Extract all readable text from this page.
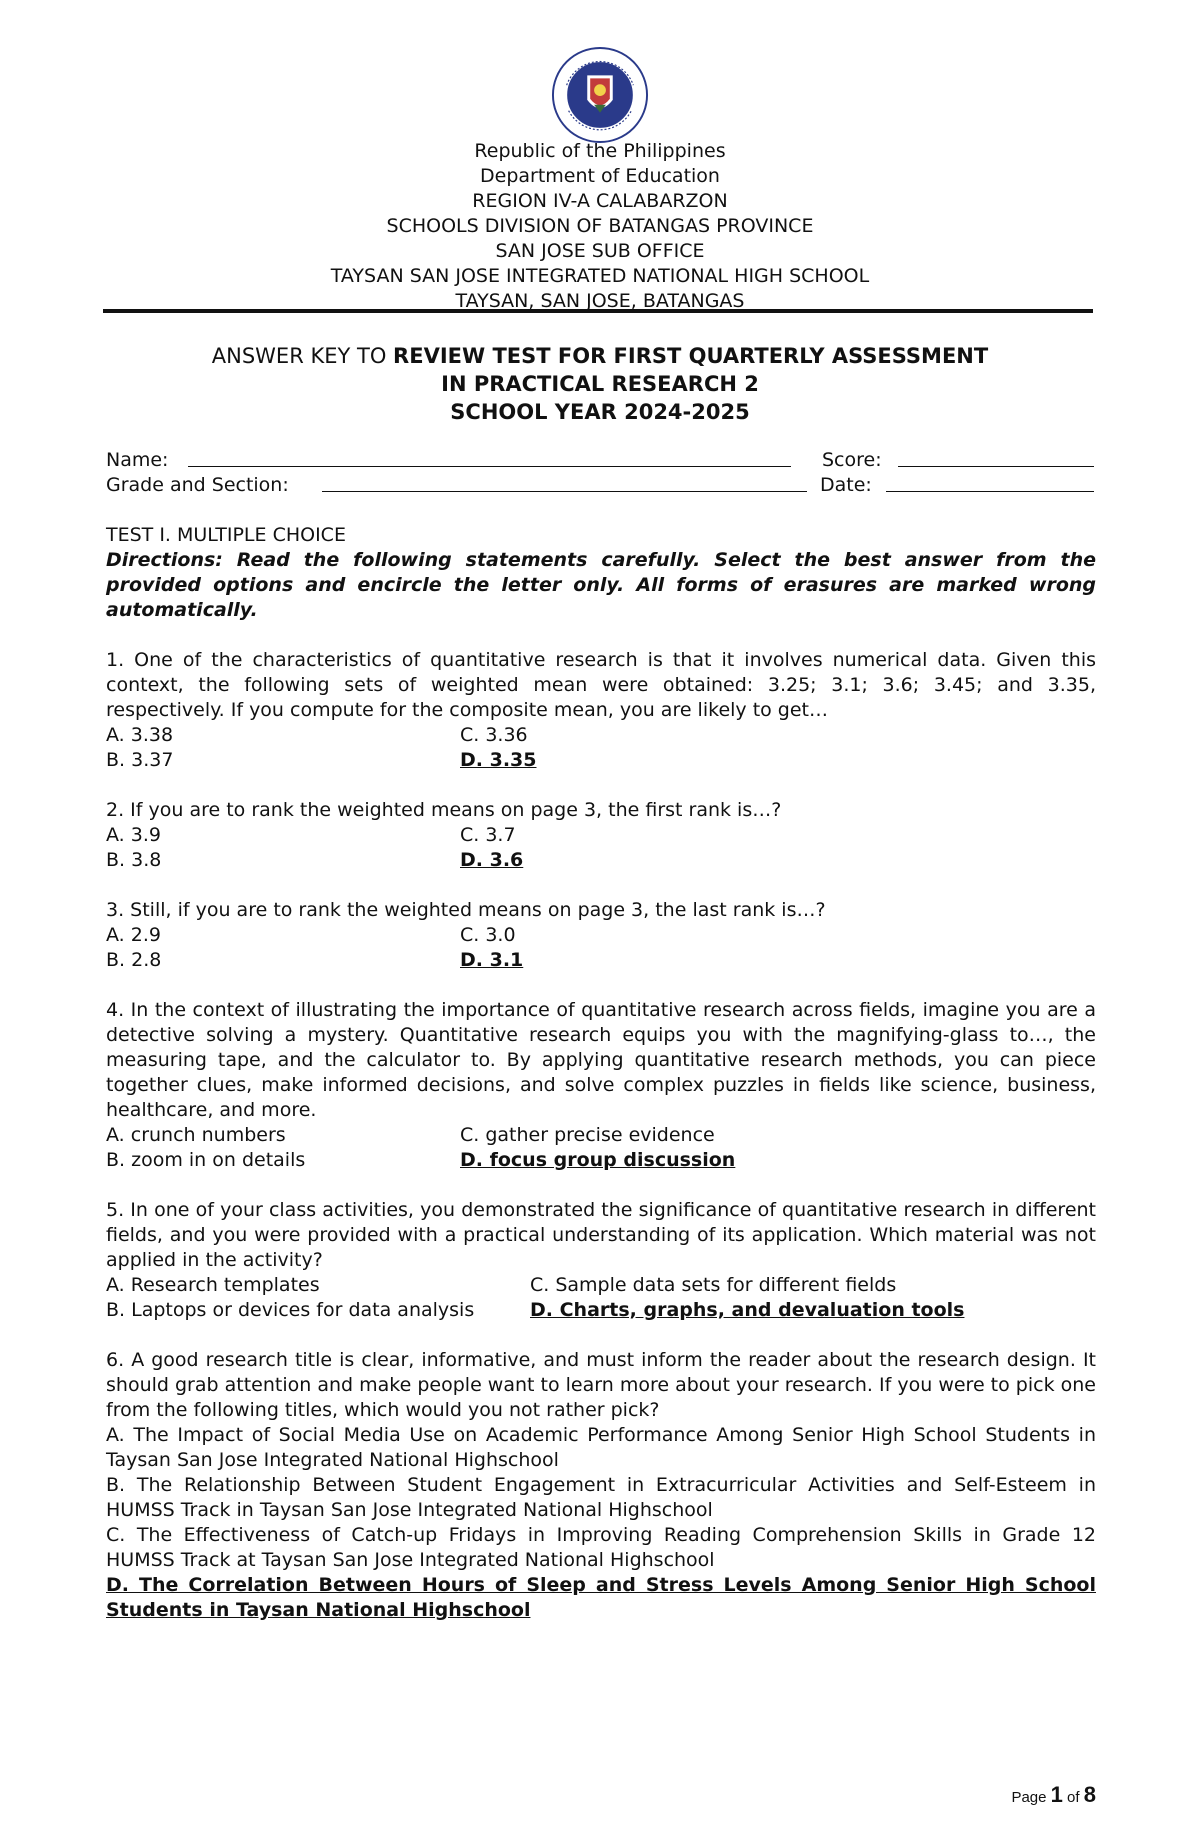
Republic of the Philippines
Department of Education
REGION IV-A CALABARZON
SCHOOLS DIVISION OF BATANGAS PROVINCE
SAN JOSE SUB OFFICE
TAYSAN SAN JOSE INTEGRATED NATIONAL HIGH SCHOOL
TAYSAN, SAN JOSE, BATANGAS
ANSWER KEY TO REVIEW TEST FOR FIRST QUARTERLY ASSESSMENT
IN PRACTICAL RESEARCH 2
SCHOOL YEAR 2024-2025
Name:	Score:
Grade and Section:	Date:
TEST I. MULTIPLE CHOICE
Directions: Read the following statements carefully. Select the best answer from the provided options and encircle the letter only. All forms of erasures are marked wrong automatically.
1. One of the characteristics of quantitative research is that it involves numerical data. Given this context, the following sets of weighted mean were obtained: 3.25; 3.1; 3.6; 3.45; and 3.35, respectively. If you compute for the composite mean, you are likely to get…
A. 3.38	C. 3.36
B. 3.37	D. 3.35
2. If you are to rank the weighted means on page 3, the first rank is…?
A. 3.9	C. 3.7
B. 3.8	D. 3.6
3. Still, if you are to rank the weighted means on page 3, the last rank is…?
A. 2.9	C. 3.0
B. 2.8	D. 3.1
4. In the context of illustrating the importance of quantitative research across fields, imagine you are a detective solving a mystery. Quantitative research equips you with the magnifying-glass to…, the measuring tape, and the calculator to. By applying quantitative research methods, you can piece together clues, make informed decisions, and solve complex puzzles in fields like science, business, healthcare, and more.
A. crunch numbers	C. gather precise evidence
B. zoom in on details	D. focus group discussion
5. In one of your class activities, you demonstrated the significance of quantitative research in different fields, and you were provided with a practical understanding of its application. Which material was not applied in the activity?
A. Research templates	C. Sample data sets for different fields
B. Laptops or devices for data analysis	D. Charts, graphs, and devaluation tools
6. A good research title is clear, informative, and must inform the reader about the research design. It should grab attention and make people want to learn more about your research. If you were to pick one from the following titles, which would you not rather pick?
A. The Impact of Social Media Use on Academic Performance Among Senior High School Students in Taysan San Jose Integrated National Highschool
B. The Relationship Between Student Engagement in Extracurricular Activities and Self-Esteem in HUMSS Track in Taysan San Jose Integrated National Highschool
C. The Effectiveness of Catch-up Fridays in Improving Reading Comprehension Skills in Grade 12 HUMSS Track at Taysan San Jose Integrated National Highschool
D. The Correlation Between Hours of Sleep and Stress Levels Among Senior High School Students in Taysan National Highschool
Page 1 of 8
